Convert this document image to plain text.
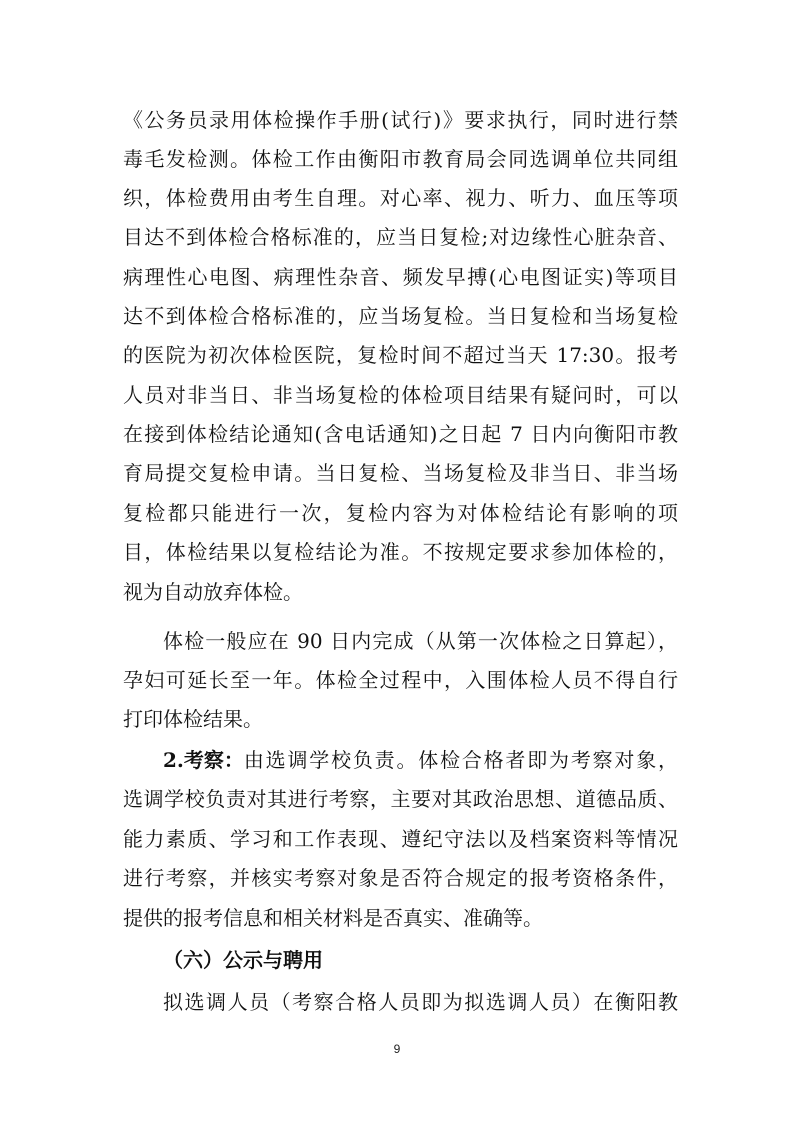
《公务员录用体检操作手册(试行)》要求执行，同时进行禁
毒毛发检测。体检工作由衡阳市教育局会同选调单位共同组
织，体检费用由考生自理。对心率、视力、听力、血压等项
目达不到体检合格标准的，应当日复检;对边缘性心脏杂音、
病理性心电图、病理性杂音、频发早搏(心电图证实)等项目
达不到体检合格标准的，应当场复检。当日复检和当场复检
的医院为初次体检医院，复检时间不超过当天 17:30。报考
人员对非当日、非当场复检的体检项目结果有疑问时，可以
在接到体检结论通知(含电话通知)之日起 7 日内向衡阳市教
育局提交复检申请。当日复检、当场复检及非当日、非当场
复检都只能进行一次，复检内容为对体检结论有影响的项
目，体检结果以复检结论为准。不按规定要求参加体检的，
视为自动放弃体检。
体检一般应在 90 日内完成（从第一次体检之日算起），
孕妇可延长至一年。体检全过程中，入围体检人员不得自行
打印体检结果。
2.考察： 由选调学校负责。体检合格者即为考察对象，
选调学校负责对其进行考察，主要对其政治思想、道德品质、
能力素质、学习和工作表现、遵纪守法以及档案资料等情况
进行考察，并核实考察对象是否符合规定的报考资格条件，
提供的报考信息和相关材料是否真实、准确等。
（六）公示与聘用
拟选调人员（考察合格人员即为拟选调人员）在衡阳教
9
